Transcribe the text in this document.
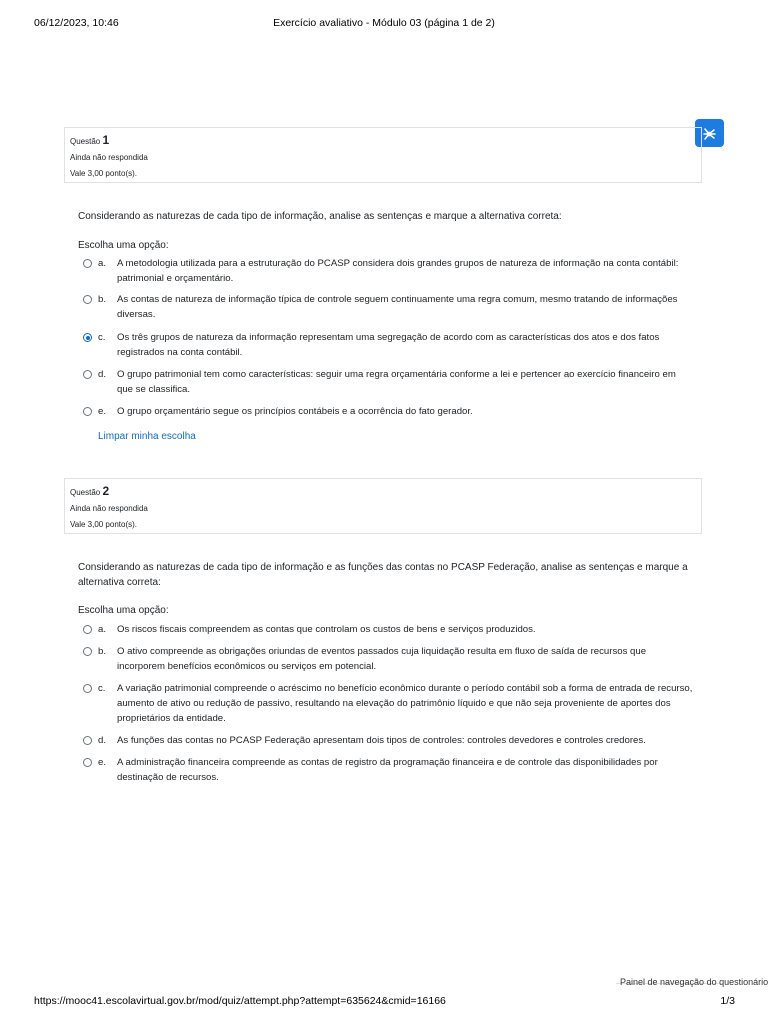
06/12/2023, 10:46	Exercício avaliativo - Módulo 03 (página 1 de 2)
Questão 1
Ainda não respondida
Vale 3,00 ponto(s).
Considerando as naturezas de cada tipo de informação, analise as sentenças e marque a alternativa correta:
Escolha uma opção:
a. A metodologia utilizada para a estruturação do PCASP considera dois grandes grupos de natureza de informação na conta contábil: patrimonial e orçamentário.
b. As contas de natureza de informação típica de controle seguem continuamente uma regra comum, mesmo tratando de informações diversas.
c. Os três grupos de natureza da informação representam uma segregação de acordo com as características dos atos e dos fatos registrados na conta contábil.
d. O grupo patrimonial tem como características: seguir uma regra orçamentária conforme a lei e pertencer ao exercício financeiro em que se classifica.
e. O grupo orçamentário segue os princípios contábeis e a ocorrência do fato gerador.
Limpar minha escolha
Questão 2
Ainda não respondida
Vale 3,00 ponto(s).
Considerando as naturezas de cada tipo de informação e as funções das contas no PCASP Federação, analise as sentenças e marque a alternativa correta:
Escolha uma opção:
a. Os riscos fiscais compreendem as contas que controlam os custos de bens e serviços produzidos.
b. O ativo compreende as obrigações oriundas de eventos passados cuja liquidação resulta em fluxo de saída de recursos que incorporem benefícios econômicos ou serviços em potencial.
c. A variação patrimonial compreende o acréscimo no benefício econômico durante o período contábil sob a forma de entrada de recurso, aumento de ativo ou redução de passivo, resultando na elevação do patrimônio líquido e que não seja proveniente de aportes dos proprietários da entidade.
d. As funções das contas no PCASP Federação apresentam dois tipos de controles: controles devedores e controles credores.
e. A administração financeira compreende as contas de registro da programação financeira e de controle das disponibilidades por destinação de recursos.
Painel de navegação do questionário
https://mooc41.escolavirtual.gov.br/mod/quiz/attempt.php?attempt=635624&cmid=16166	1/3
